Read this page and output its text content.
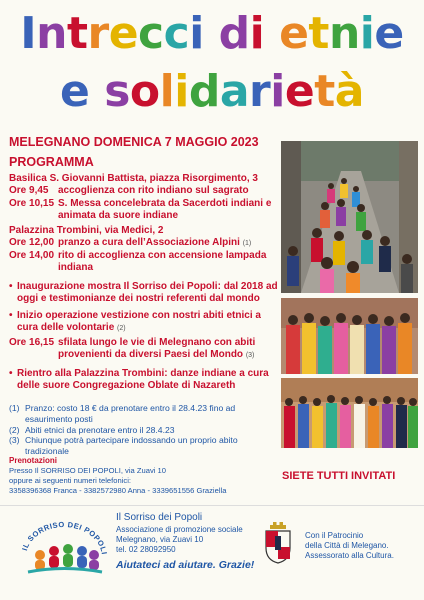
Intrecci di etnie
e solidarietà
MELEGNANO DOMENICA 7 MAGGIO 2023
PROGRAMMA
Basilica S. Giovanni Battista, piazza Risorgimento, 3
Ore 9,45 accoglienza con rito indiano sul sagrato
Ore 10,15 S. Messa concelebrata da Sacerdoti indiani e animata da suore indiane
Palazzina Trombini, via Medici, 2
Ore 12,00 pranzo a cura dell’Associazione Alpini (1)
Ore 14,00 rito di accoglienza con accensione lampada indiana
• Inaugurazione mostra Il Sorriso dei Popoli: dal 2018 ad oggi e testimonianze dei nostri referenti dal mondo
• Inizio operazione vestizione con nostri abiti etnici a cura delle volontarie (2)
Ore 16,15 sfilata lungo le vie di Melegnano con abiti provenienti da diversi Paesi del Mondo (3)
• Rientro alla Palazzina Trombini: danze indiane a cura delle suore Congregazione Oblate di Nazareth
(1) Pranzo: costo 18 € da prenotare entro il 28.4.23 fino ad esaurimento posti
(2) Abiti etnici da prenotare entro il 28.4.23
(3) Chiunque potrà partecipare indossando un proprio abito tradizionale
Prenotazioni
Presso Il SORRISO DEI POPOLI, via Zuavi 10
oppure ai seguenti numeri telefonici:
3358396368 Franca - 3382572980 Anna - 3339651556 Graziella
SIETE TUTTI INVITATI
IL SORRISO DEI POPOLI
Il Sorriso dei Popoli
Associazione di promozione sociale
Melegnano, via Zuavi 10
tel. 02 28092950
Aiutateci ad aiutare. Grazie!
Con il Patrocinio
della Città di Melegano.
Assessorato alla Cultura.
